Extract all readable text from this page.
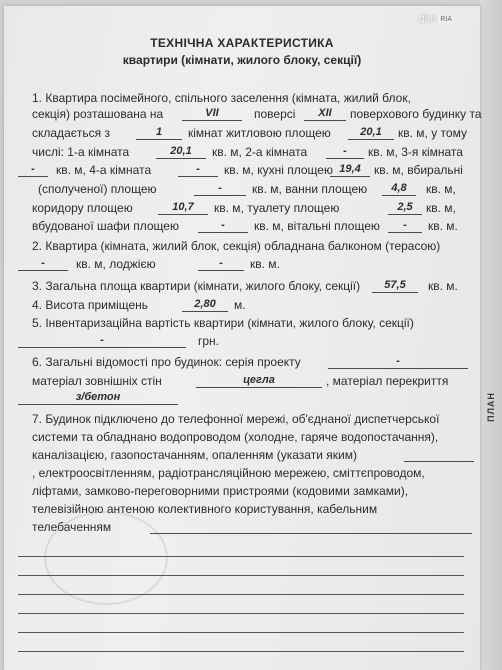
ПЛАН
dim RIA
ТЕХНІЧНА ХАРАКТЕРИСТИКА
квартири (кімнати, жилого блоку, секції)
1. Квартира посімейного, спільного заселення (кімната, жилий блок,
секція) розташована на	VII	поверсі	XII	поверхового будинку та
складається з	1	кімнат житловою площею	20,1	кв. м, у тому
числі: 1-а кімната	20,1	кв. м, 2-а кімната	-	кв. м, 3-я кімната
-	кв. м, 4-а кімната	-	кв. м, кухні площею 19,4	кв. м, вбиральні
(сполученої) площею	-	кв. м, ванни площею	4,8	кв. м,
коридору площею	10,7	кв. м, туалету площею	2,5	кв. м,
вбудованої шафи площею	-	кв. м, вітальні площею	-	кв. м.
2. Квартира (кімната, жилий блок, секція) обладнана балконом (терасою)
-	кв. м, лоджією	-	кв. м.
3. Загальна площа квартири (кімнати, жилого блоку, секції)	57,5	кв. м.
4. Висота приміщень	2,80	м.
5. Інвентаризаційна вартість квартири (кімнати, жилого блоку, секції)
-	грн.
6. Загальні відомості про будинок: серія проекту	-
матеріал зовнішніх стін	цегла	, матеріал перекриття
з/бетон
7. Будинок підключено до телефонної мережі, об'єднаної диспетчерської
системи та обладнано водопроводом (холодне, гаряче водопостачання),
каналізацією, газопостачанням, опаленням (указати яким)
, електроосвітленням, радіотрансляційною мережею, сміттєпроводом,
ліфтами, замково-переговорними пристроями (кодовими замками),
телевізійною антеною колективного користування, кабельним
телебаченням
